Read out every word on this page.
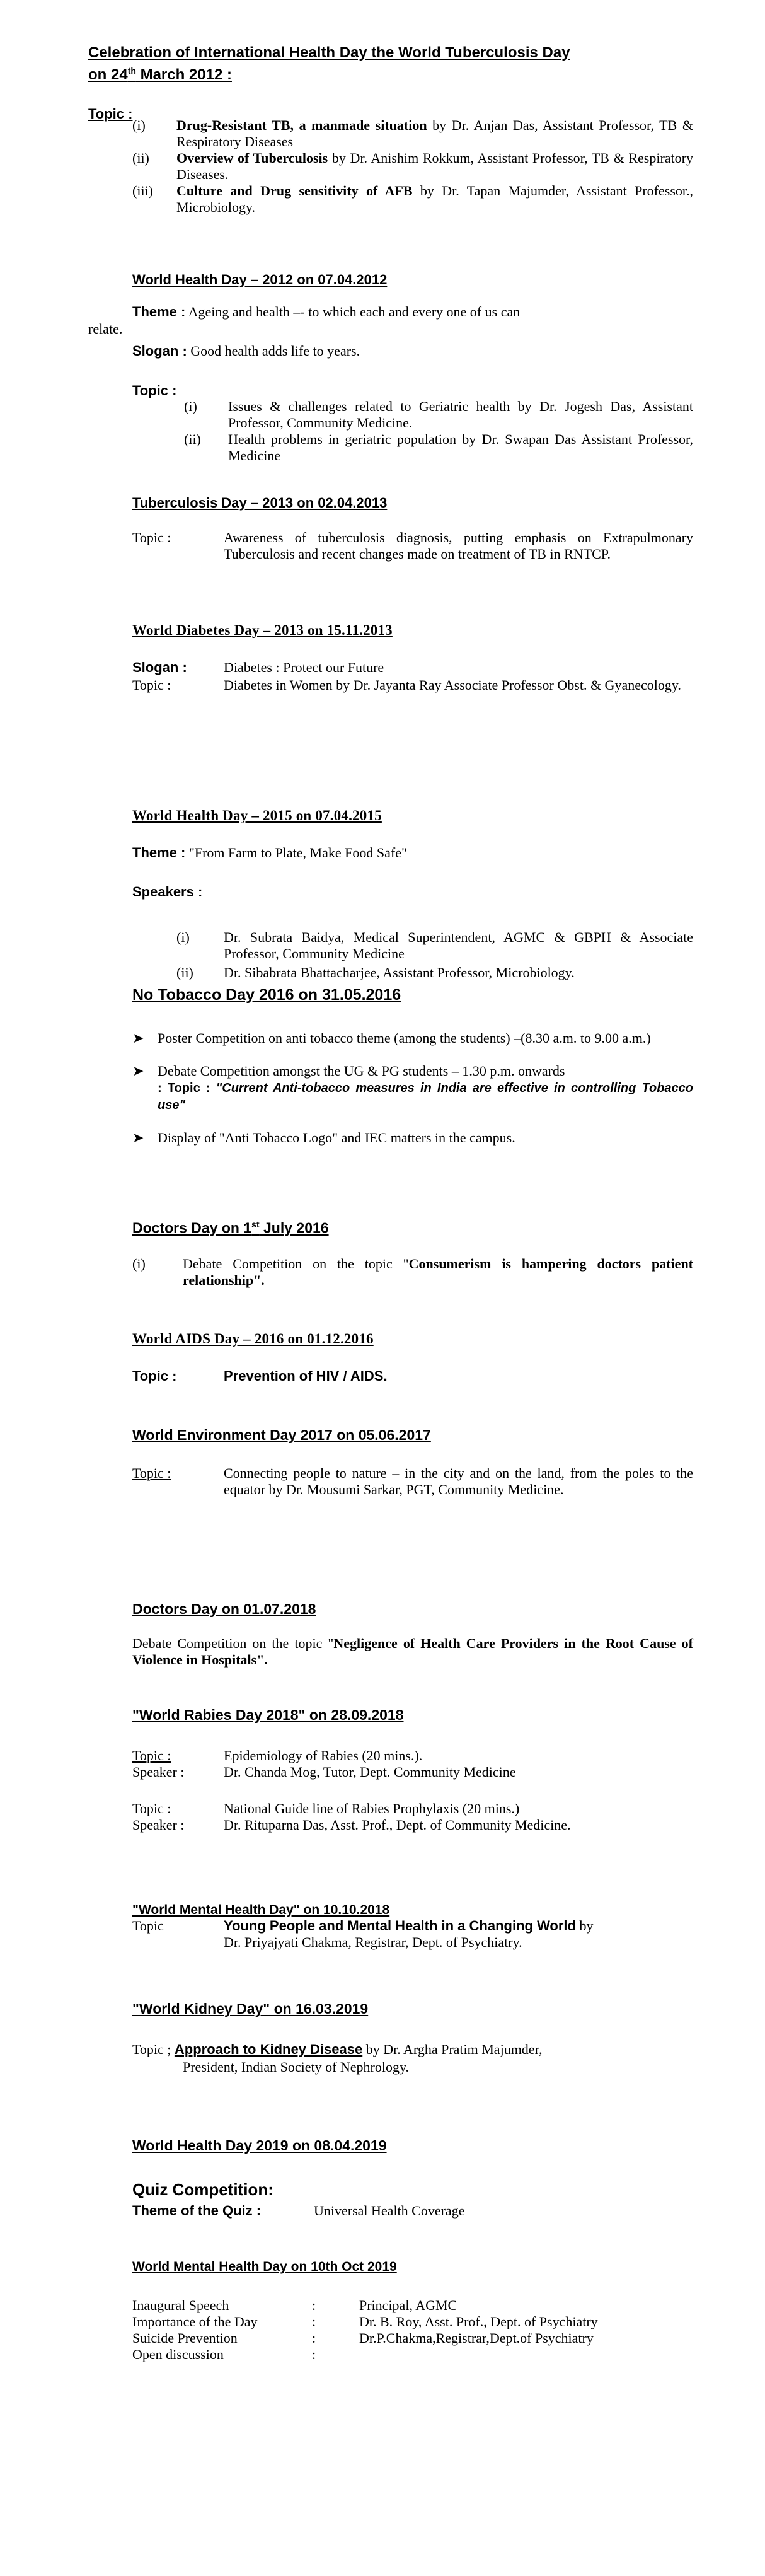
Celebration of International Health Day the World Tuberculosis Day
on 24th March 2012 :
Topic :
(i)	Drug-Resistant TB, a manmade situation by Dr. Anjan Das, Assistant Professor, TB & Respiratory Diseases
(ii)	Overview of Tuberculosis by Dr. Anishim Rokkum, Assistant Professor, TB & Respiratory Diseases.
(iii)	Culture and Drug sensitivity of AFB by Dr. Tapan Majumder, Assistant Professor., Microbiology.
World Health Day – 2012 on 07.04.2012
Theme : Ageing and health –- to which each and every one of us can
relate.
Slogan : Good health adds life to years.
Topic :
(i)	Issues & challenges related to Geriatric health by Dr. Jogesh Das, Assistant Professor, Community Medicine.
(ii)	Health problems in geriatric population by Dr. Swapan Das Assistant Professor, Medicine
Tuberculosis Day – 2013 on 02.04.2013
Topic :	Awareness of tuberculosis diagnosis, putting emphasis on Extrapulmonary Tuberculosis and recent changes made on treatment of TB in RNTCP.
World Diabetes Day – 2013 on 15.11.2013
Slogan :	Diabetes : Protect our Future
Topic :	Diabetes in Women by Dr. Jayanta Ray Associate Professor Obst. & Gyanecology.
World Health Day – 2015 on 07.04.2015
Theme : "From Farm to Plate, Make Food Safe"
Speakers :
(i)	Dr. Subrata Baidya, Medical Superintendent, AGMC & GBPH & Associate Professor, Community Medicine
(ii)	Dr. Sibabrata Bhattacharjee, Assistant Professor, Microbiology.
No Tobacco Day 2016 on 31.05.2016
➤ Poster Competition on anti tobacco theme (among the students) –(8.30 a.m. to 9.00 a.m.)
➤ Debate Competition amongst the UG & PG students – 1.30 p.m. onwards
: Topic : "Current Anti-tobacco measures in India are effective in controlling Tobacco use"
➤ Display of "Anti Tobacco Logo" and IEC matters in the campus.
Doctors Day on 1st July 2016
(i)	Debate Competition on the topic "Consumerism is hampering doctors patient relationship".
World AIDS Day – 2016 on 01.12.2016
Topic :	Prevention of HIV / AIDS.
World Environment Day 2017 on 05.06.2017
Topic :	Connecting people to nature – in the city and on the land, from the poles to the equator by Dr. Mousumi Sarkar, PGT, Community Medicine.
Doctors Day on 01.07.2018
Debate Competition on the topic "Negligence of Health Care Providers in the Root Cause of Violence in Hospitals".
"World Rabies Day 2018" on 28.09.2018
Topic :	Epidemiology of Rabies (20 mins.).
Speaker :	Dr. Chanda Mog, Tutor, Dept. Community Medicine
Topic :	National Guide line of Rabies Prophylaxis (20 mins.)
Speaker :	Dr. Rituparna Das, Asst. Prof., Dept. of Community Medicine.
"World Mental Health Day" on 10.10.2018
Topic	Young People and Mental Health in a Changing World by
Dr. Priyajyati Chakma, Registrar, Dept. of Psychiatry.
"World Kidney Day" on 16.03.2019
Topic ; Approach to Kidney Disease by Dr. Argha Pratim Majumder,
President, Indian Society of Nephrology.
World Health Day 2019 on 08.04.2019
Quiz Competition:
Theme of the Quiz :	Universal Health Coverage
World Mental Health Day on 10th Oct 2019
Inaugural Speech	:	Principal, AGMC
Importance of the Day	:	Dr. B. Roy, Asst. Prof., Dept. of Psychiatry
Suicide Prevention	:	Dr.P.Chakma,Registrar,Dept.of Psychiatry
Open discussion	:
